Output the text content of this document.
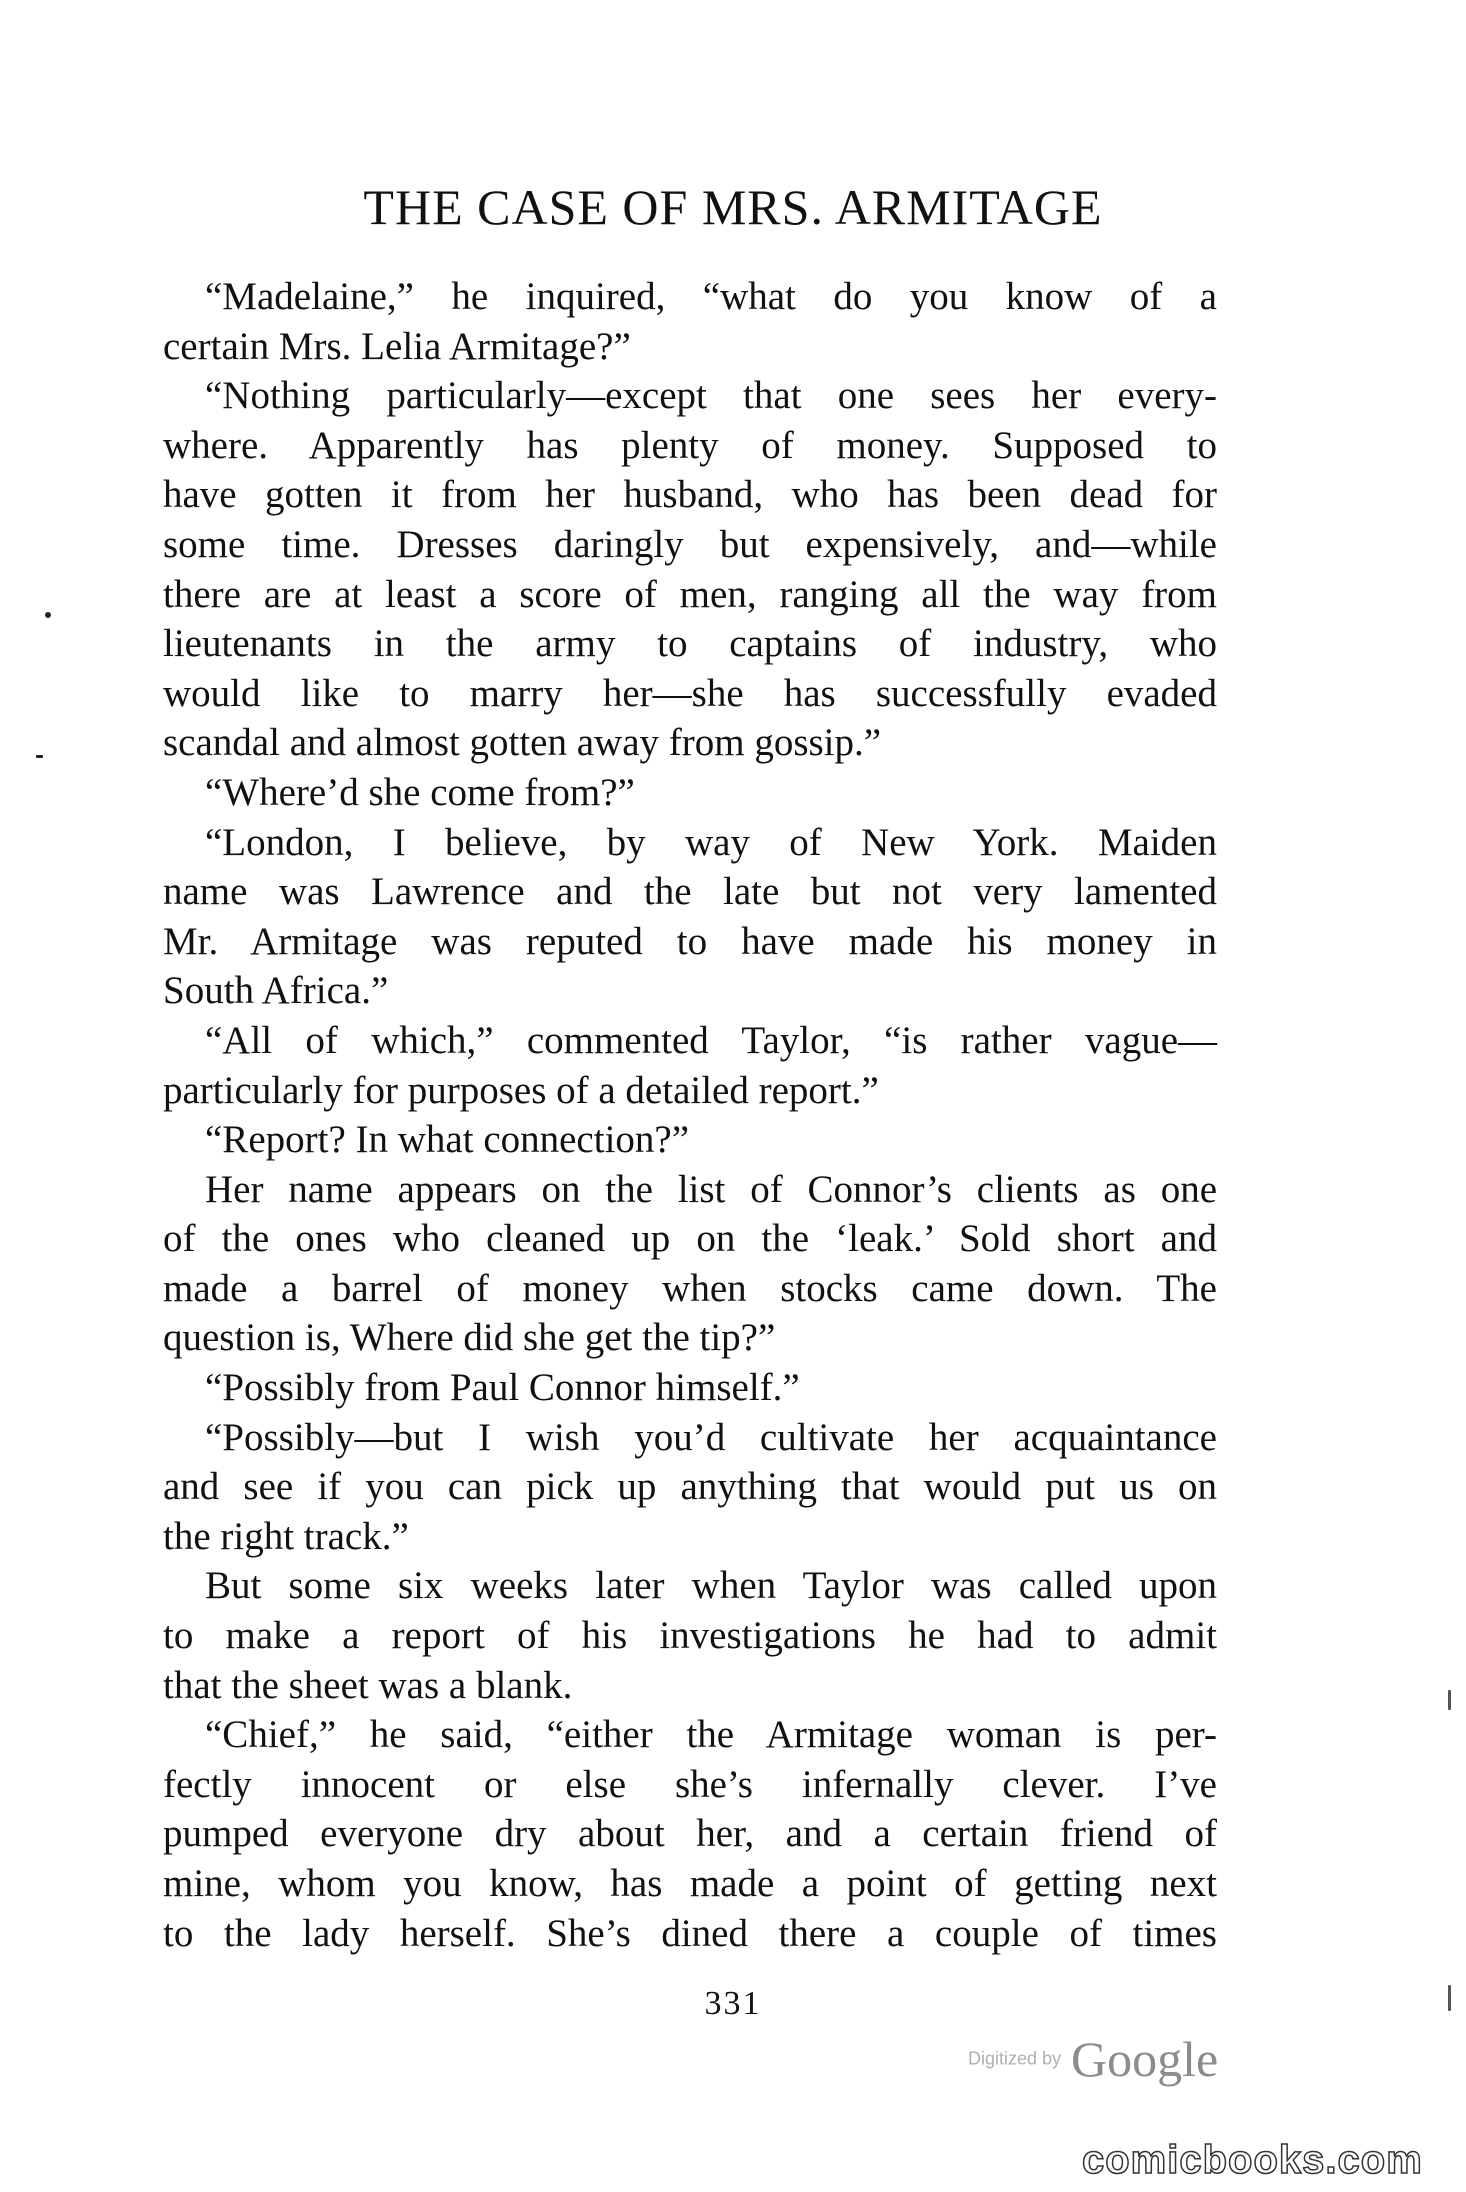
THE CASE OF MRS. ARMITAGE
“Madelaine,” he inquired, “what do you know of a
certain Mrs. Lelia Armitage?”
“Nothing particularly—except that one sees her every-
where. Apparently has plenty of money. Supposed to
have gotten it from her husband, who has been dead for
some time. Dresses daringly but expensively, and—while
there are at least a score of men, ranging all the way from
lieutenants in the army to captains of industry, who
would like to marry her—she has successfully evaded
scandal and almost gotten away from gossip.”
“Where’d she come from?”
“London, I believe, by way of New York. Maiden
name was Lawrence and the late but not very lamented
Mr. Armitage was reputed to have made his money in
South Africa.”
“All of which,” commented Taylor, “is rather vague—
particularly for purposes of a detailed report.”
“Report? In what connection?”
Her name appears on the list of Connor’s clients as one
of the ones who cleaned up on the ‘leak.’ Sold short and
made a barrel of money when stocks came down. The
question is, Where did she get the tip?”
“Possibly from Paul Connor himself.”
“Possibly—but I wish you’d cultivate her acquaintance
and see if you can pick up anything that would put us on
the right track.”
But some six weeks later when Taylor was called upon
to make a report of his investigations he had to admit
that the sheet was a blank.
“Chief,” he said, “either the Armitage woman is per-
fectly innocent or else she’s infernally clever. I’ve
pumped everyone dry about her, and a certain friend of
mine, whom you know, has made a point of getting next
to the lady herself. She’s dined there a couple of times
331
Digitized by Google
comicbooks.com
